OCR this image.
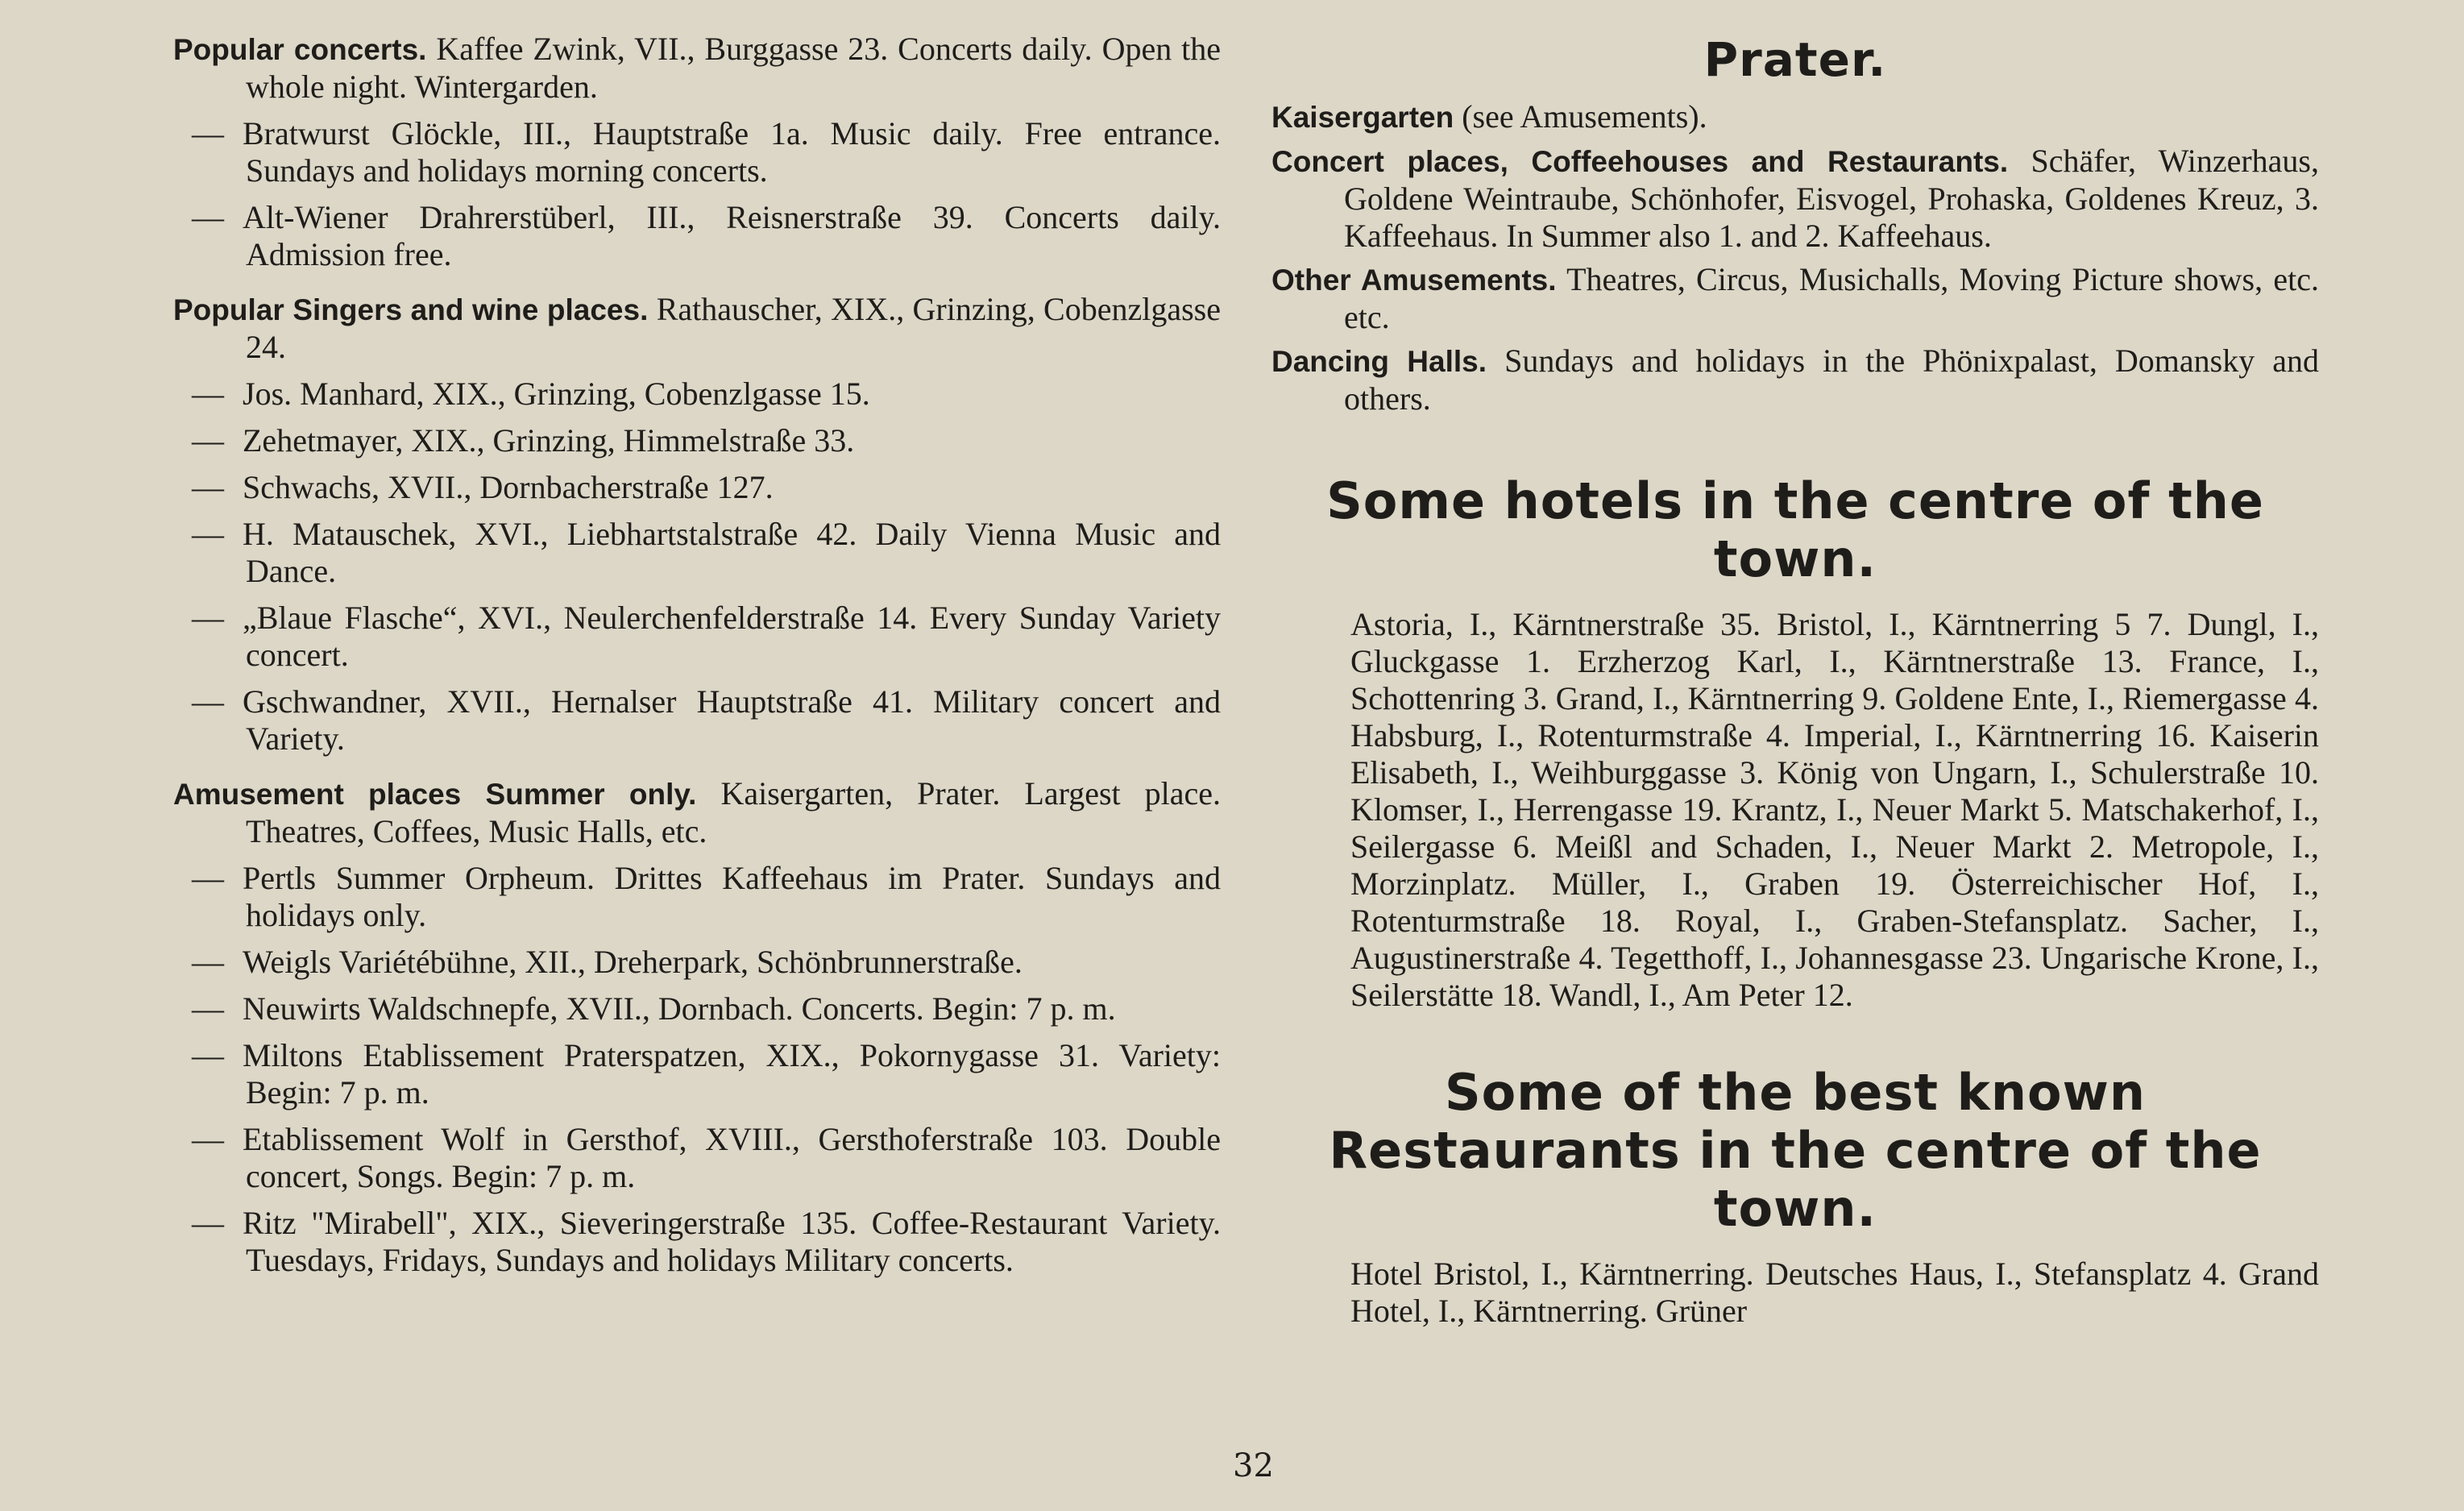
Popular concerts. Kaffee Zwink, VII., Burggasse 23. Concerts daily. Open the whole night. Wintergarden.
— Bratwurst Glöckle, III., Hauptstraße 1a. Music daily. Free entrance. Sundays and holidays morning concerts.
— Alt-Wiener Drahrerstüberl, III., Reisnerstraße 39. Concerts daily. Admission free.
Popular Singers and wine places. Rathauscher, XIX., Grinzing, Cobenzlgasse 24.
— Jos. Manhard, XIX., Grinzing, Cobenzlgasse 15.
— Zehetmayer, XIX., Grinzing, Himmelstraße 33.
— Schwachs, XVII., Dornbacherstraße 127.
— H. Matauschek, XVI., Liebhartstalstraße 42. Daily Vienna Music and Dance.
— „Blaue Flasche“, XVI., Neulerchenfelderstraße 14. Every Sunday Variety concert.
— Gschwandner, XVII., Hernalser Hauptstraße 41. Military concert and Variety.
Amusement places Summer only. Kaisergarten, Prater. Largest place. Theatres, Coffees, Music Halls, etc.
— Pertls Summer Orpheum. Drittes Kaffeehaus im Prater. Sundays and holidays only.
— Weigls Variétébühne, XII., Dreherpark, Schönbrunnerstraße.
— Neuwirts Waldschnepfe, XVII., Dornbach. Concerts. Begin: 7 p. m.
— Miltons Etablissement Praterspatzen, XIX., Pokornygasse 31. Variety: Begin: 7 p. m.
— Etablissement Wolf in Gersthof, XVIII., Gersthoferstraße 103. Double concert, Songs. Begin: 7 p. m.
— Ritz "Mirabell", XIX., Sieveringerstraße 135. Coffee-Restaurant Variety. Tuesdays, Fridays, Sundays and holidays Military concerts.
Prater.
Kaisergarten (see Amusements).
Concert places, Coffeehouses and Restaurants. Schäfer, Winzerhaus, Goldene Weintraube, Schönhofer, Eisvogel, Prohaska, Goldenes Kreuz, 3. Kaffeehaus. In Summer also 1. and 2. Kaffeehaus.
Other Amusements. Theatres, Circus, Musichalls, Moving Picture shows, etc. etc.
Dancing Halls. Sundays and holidays in the Phönixpalast, Domansky and others.
Some hotels in the centre of the town.
Astoria, I., Kärntnerstraße 35. Bristol, I., Kärntnerring 5 7. Dungl, I., Gluckgasse 1. Erzherzog Karl, I., Kärntnerstraße 13. France, I., Schottenring 3. Grand, I., Kärntnerring 9. Goldene Ente, I., Riemergasse 4. Habsburg, I., Rotenturmstraße 4. Imperial, I., Kärntnerring 16. Kaiserin Elisabeth, I., Weihburggasse 3. König von Ungarn, I., Schulerstraße 10. Klomser, I., Herrengasse 19. Krantz, I., Neuer Markt 5. Matschakerhof, I., Seilergasse 6. Meißl and Schaden, I., Neuer Markt 2. Metropole, I., Morzinplatz. Müller, I., Graben 19. Österreichischer Hof, I., Rotenturmstraße 18. Royal, I., Graben-Stefansplatz. Sacher, I., Augustinerstraße 4. Tegetthoff, I., Johannesgasse 23. Ungarische Krone, I., Seilerstätte 18. Wandl, I., Am Peter 12.
Some of the best known Restaurants in the centre of the town.
Hotel Bristol, I., Kärntnerring. Deutsches Haus, I., Stefansplatz 4. Grand Hotel, I., Kärntnerring. Grüner
32
